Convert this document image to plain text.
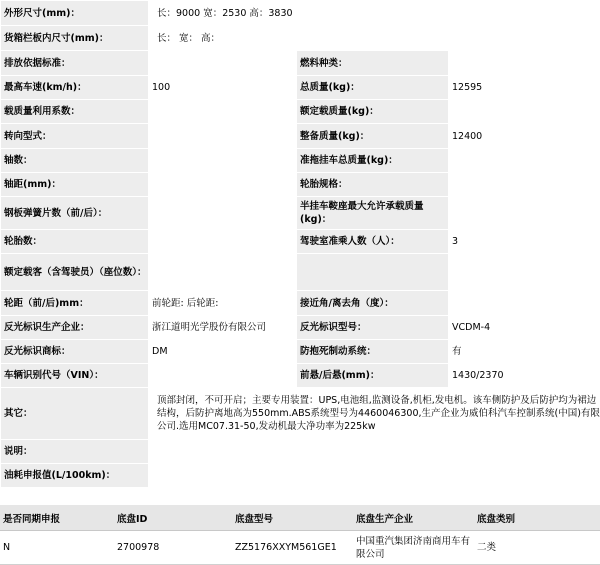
外形尺寸(mm)：	长：9000 宽：2530 高：3830		
货箱栏板内尺寸(mm)：	长： 宽： 高：		
排放依据标准：		燃料种类：	
最高车速(km/h)：	100	总质量(kg)：	12595
载质量利用系数：		额定载质量(kg)：	
转向型式：		整备质量(kg)：	12400
轴数：		准拖挂车总质量(kg)：	
轴距(mm)：		轮胎规格：	
钢板弹簧片数（前/后）：		半挂车鞍座最大允许承载质量(kg)：	
轮胎数：		驾驶室准乘人数（人）：	3
额定载客（含驾驶员）（座位数）：			
轮距（前/后)mm：	前轮距: 后轮距:	接近角/离去角（度）：	
反光标识生产企业：	浙江道明光学股份有限公司	反光标识型号：	VCDM-4
反光标识商标：	DM	防抱死制动系统：	有
车辆识别代号（VIN）：		前悬/后悬(mm)：	1430/2370
其它：	顶部封闭，不可开启；主要专用装置：UPS,电池组,监测设备,机柜,发电机。该车侧防护及后防护均为裙边结构，后防护离地高为550mm.ABS系统型号为4460046300,生产企业为威伯科汽车控制系统(中国)有限公司.选用MC07.31-50,发动机最大净功率为225kw		
说明：			
油耗申报值(L/100km)：			
是否同期申报	底盘ID	底盘型号	底盘生产企业	底盘类别
N	2700978	ZZ5176XXYM561GE1	中国重汽集团济南商用车有限公司	二类
